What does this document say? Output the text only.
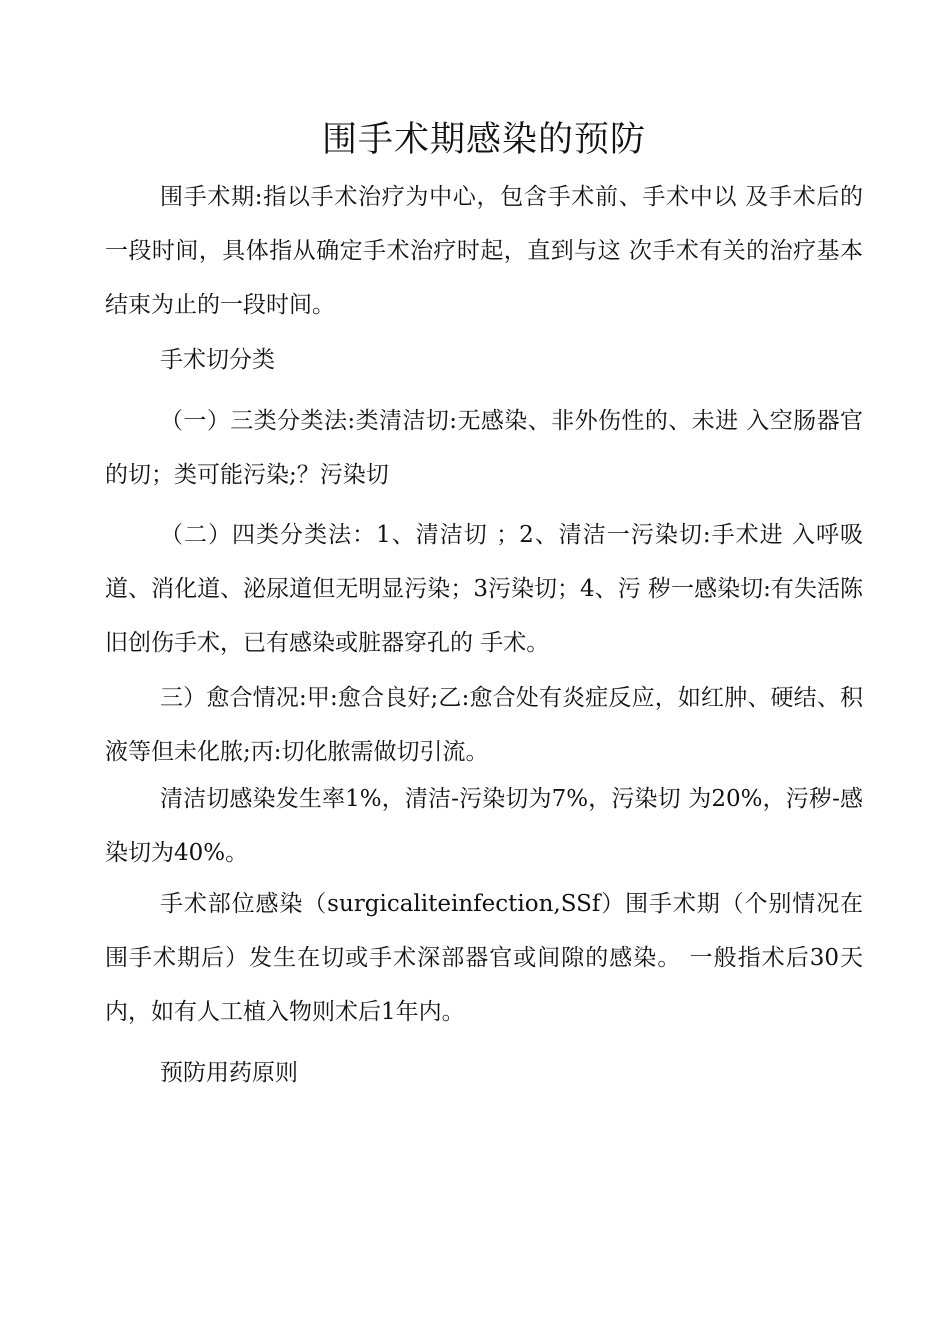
围手术期感染的预防

围手术期:指以手术治疗为中心，包含手术前、手术中以 及手术后的一段时间，具体指从确定手术治疗时起，直到与这 次手术有关的治疗基本结束为止的一段时间。

手术切分类

（一）三类分类法:类清洁切:无感染、非外伤性的、未进 入空肠器官的切；类可能污染;？污染切

（二）四类分类法：1、清洁切 ；2、清洁一污染切:手术进 入呼吸道、消化道、泌尿道但无明显污染；3污染切；4、污 秽一感染切:有失活陈旧创伤手术，已有感染或脏器穿孔的 手术。

三）愈合情况:甲:愈合良好;乙:愈合处有炎症反应，如红肿、硬结、积液等但未化脓;丙:切化脓需做切引流。

清洁切感染发生率1%，清洁-污染切为7%，污染切 为20%，污秽-感染切为40%。

手术部位感染（surgicaliteinfection,SSf）围手术期（个别情况在围手术期后）发生在切或手术深部器官或间隙的感染。 一般指术后30天内，如有人工植入物则术后1年内。

预防用药原则
